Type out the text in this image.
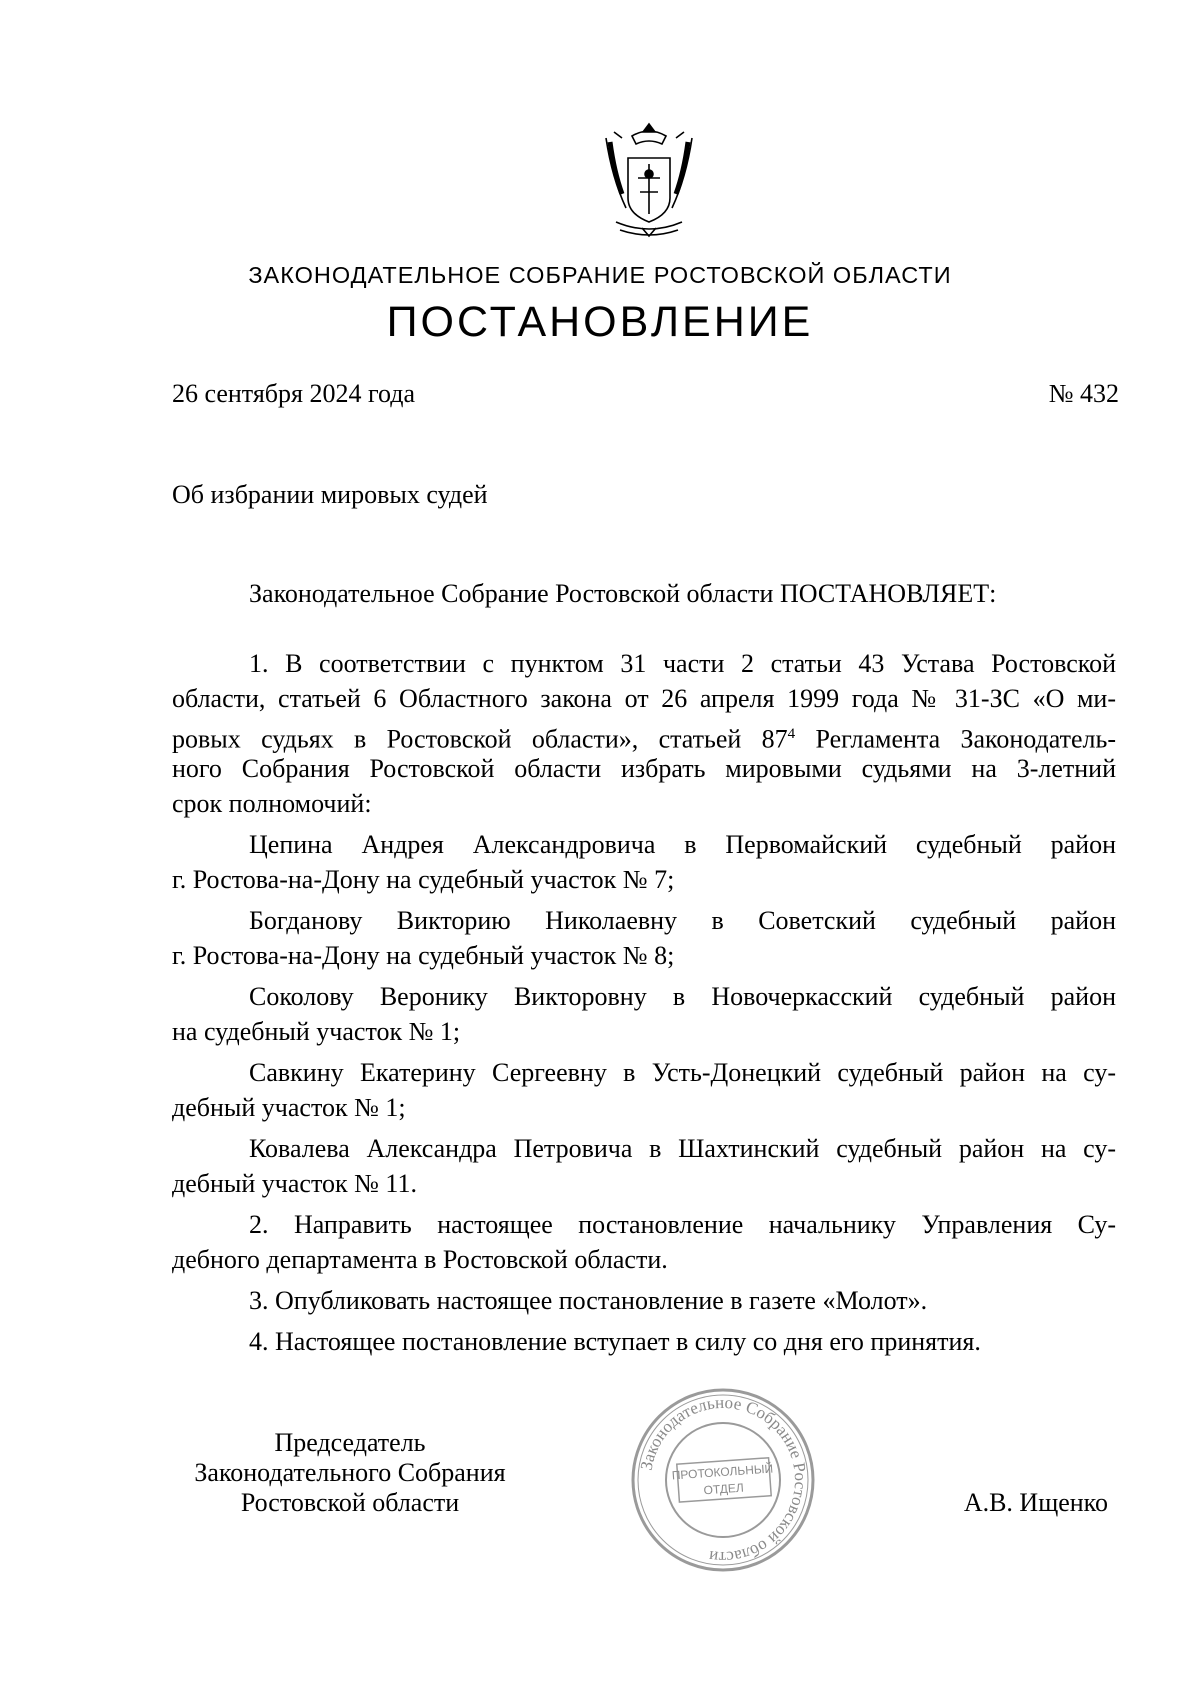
ЗАКОНОДАТЕЛЬНОЕ СОБРАНИЕ РОСТОВСКОЙ ОБЛАСТИ
ПОСТАНОВЛЕНИЕ
26 сентября 2024 года	№ 432
Об избрании мировых судей
Законодательное Собрание Ростовской области ПОСТАНОВЛЯЕТ:
1. В соответствии с пунктом 31 части 2 статьи 43 Устава Ростовской
области, статьей 6 Областного закона от 26 апреля 1999 года № 31-ЗС «О ми-
ровых судьях в Ростовской области», статьей $87^4$ Регламента Законодатель-
ного Собрания Ростовской области избрать мировыми судьями на 3-летний
срок полномочий:
Цепина Андрея Александровича в Первомайский судебный район
г. Ростова-на-Дону на судебный участок № 7;
Богданову Викторию Николаевну в Советский судебный район
г. Ростова-на-Дону на судебный участок № 8;
Соколову Веронику Викторовну в Новочеркасский судебный район
на судебный участок № 1;
Савкину Екатерину Сергеевну в Усть-Донецкий судебный район на су-
дебный участок № 1;
Ковалева Александра Петровича в Шахтинский судебный район на су-
дебный участок № 11.
2. Направить настоящее постановление начальнику Управления Су-
дебного департамента в Ростовской области.
3. Опубликовать настоящее постановление в газете «Молот».
4. Настоящее постановление вступает в силу со дня его принятия.
Председатель
Законодательного Собрания
Ростовской области	А.В. Ищенко
Законодательное Собрание Ростовской области
ПРОТОКОЛЬНЫЙ
ОТДЕЛ
